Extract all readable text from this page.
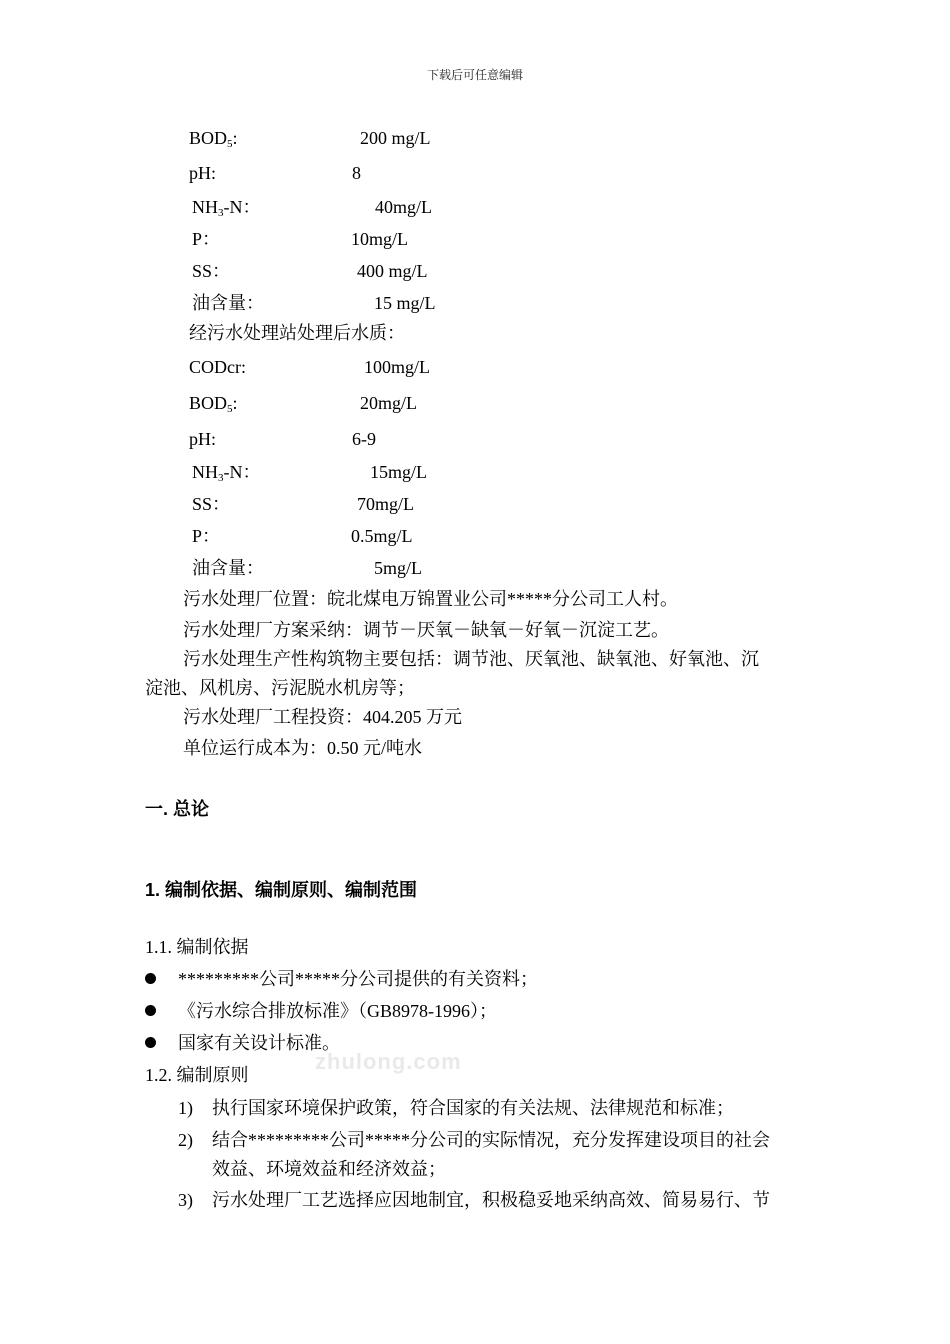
下载后可任意编辑
$BOD_5$:	200 mg/L
pH:	8
$NH_3-N$：	40mg/L
P：	10mg/L
SS：	400 mg/L
油含量：	15 mg/L
经污水处理站处理后水质：
CODcr:	100mg/L
$BOD_5$:	20mg/L
pH:	6-9
$NH_3-N$：	15mg/L
SS：	70mg/L
P：	0.5mg/L
油含量：	5mg/L
污水处理厂位置：皖北煤电万锦置业公司*****分公司工人村。
污水处理厂方案采纳：调节－厌氧－缺氧－好氧－沉淀工艺。
污水处理生产性构筑物主要包括：调节池、厌氧池、缺氧池、好氧池、沉
淀池、风机房、污泥脱水机房等；
污水处理厂工程投资：404.205 万元
单位运行成本为：0.50 元/吨水
一. 总论
1. 编制依据、编制原则、编制范围
1.1. 编制依据
*********公司*****分公司提供的有关资料；
《污水综合排放标准》（GB8978-1996）；
国家有关设计标准。
1.2. 编制原则
1) 执行国家环境保护政策，符合国家的有关法规、法律规范和标准；
2) 结合*********公司*****分公司的实际情况，充分发挥建设项目的社会
效益、环境效益和经济效益；
3) 污水处理厂工艺选择应因地制宜，积极稳妥地采纳高效、简易易行、节
zhulong.com
